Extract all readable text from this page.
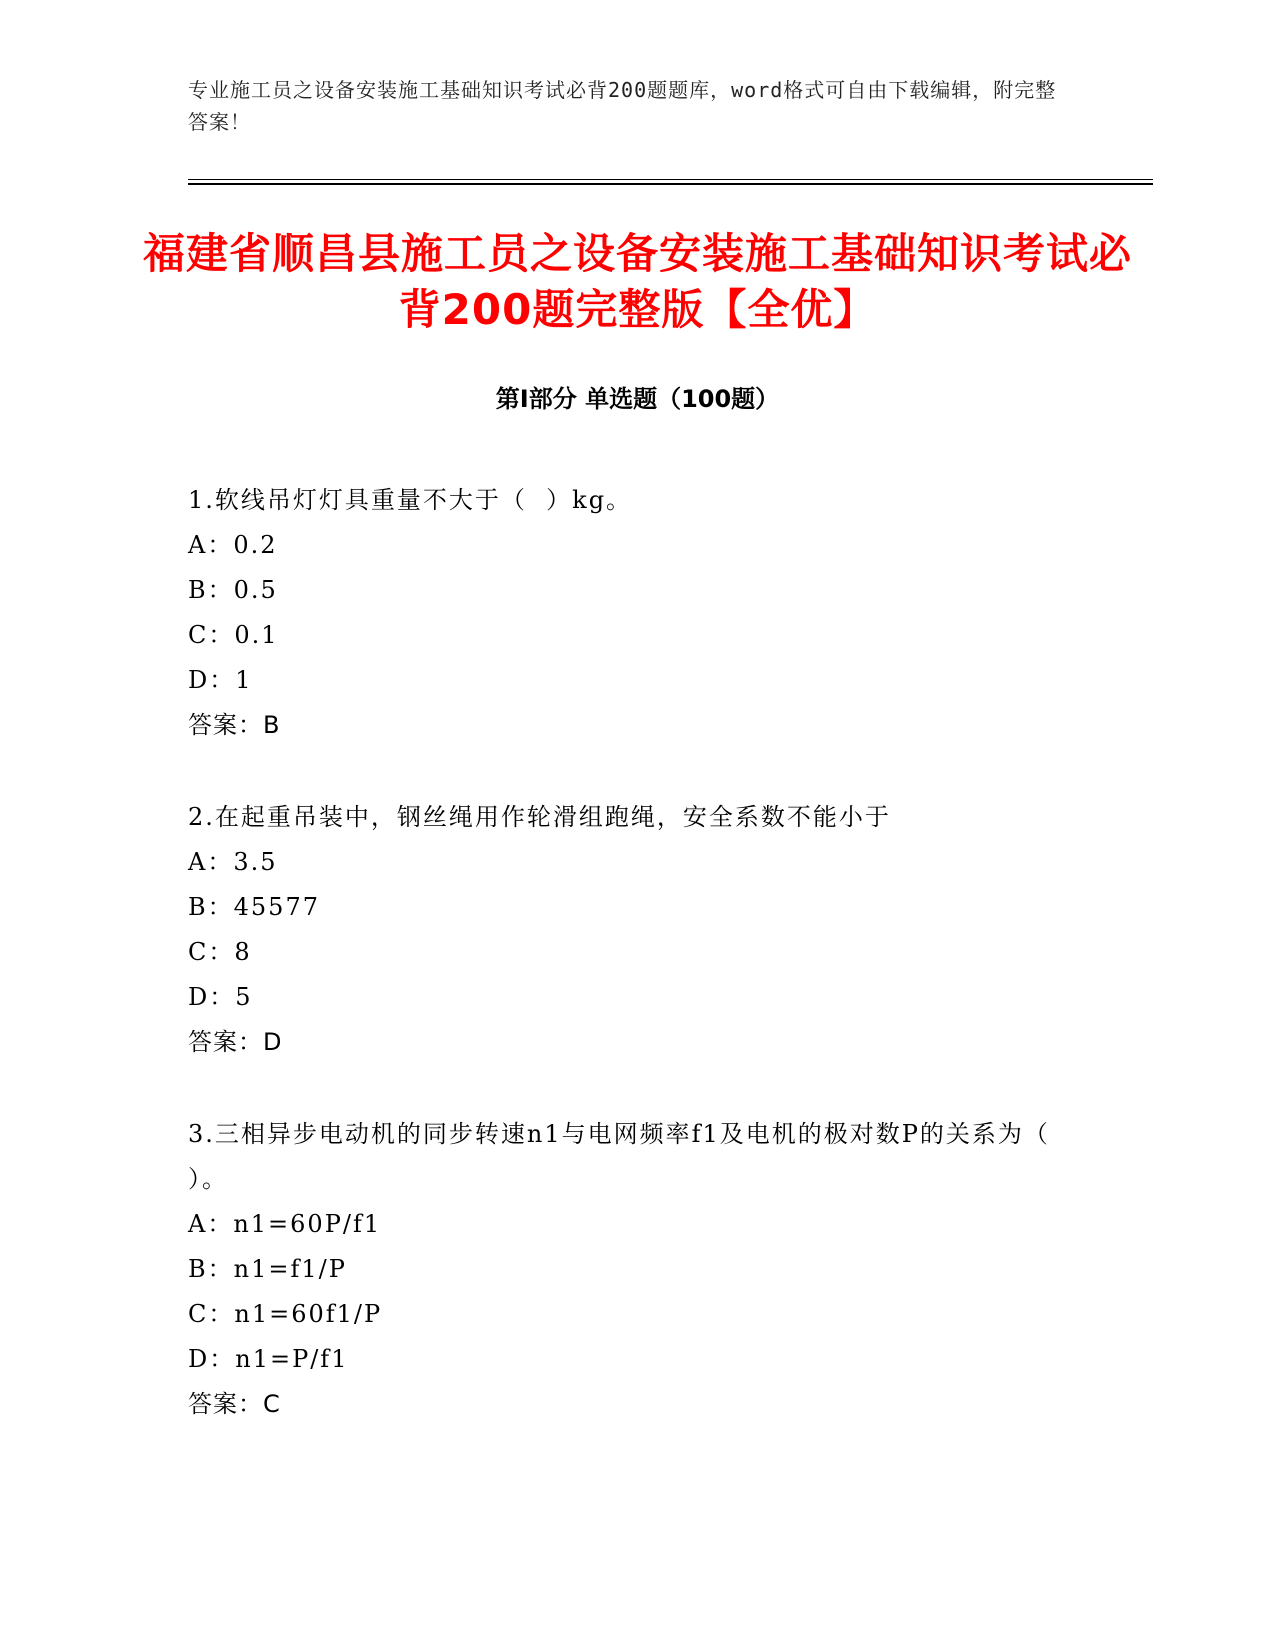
专业施工员之设备安装施工基础知识考试必背200题题库，word格式可自由下载编辑，附完整答案！
福建省顺昌县施工员之设备安装施工基础知识考试必背200题完整版【全优】
第Ⅰ部分 单选题（100题）
1.软线吊灯灯具重量不大于（  ）kg。
A：0.2
B：0.5
C：0.1
D：1
答案：B
2.在起重吊装中，钢丝绳用作轮滑组跑绳，安全系数不能小于
A：3.5
B：45577
C：8
D：5
答案：D
3.三相异步电动机的同步转速n1与电网频率f1及电机的极对数P的关系为（  ）。
A：n1=60P/f1
B：n1=f1/P
C：n1=60f1/P
D：n1=P/f1
答案：C
